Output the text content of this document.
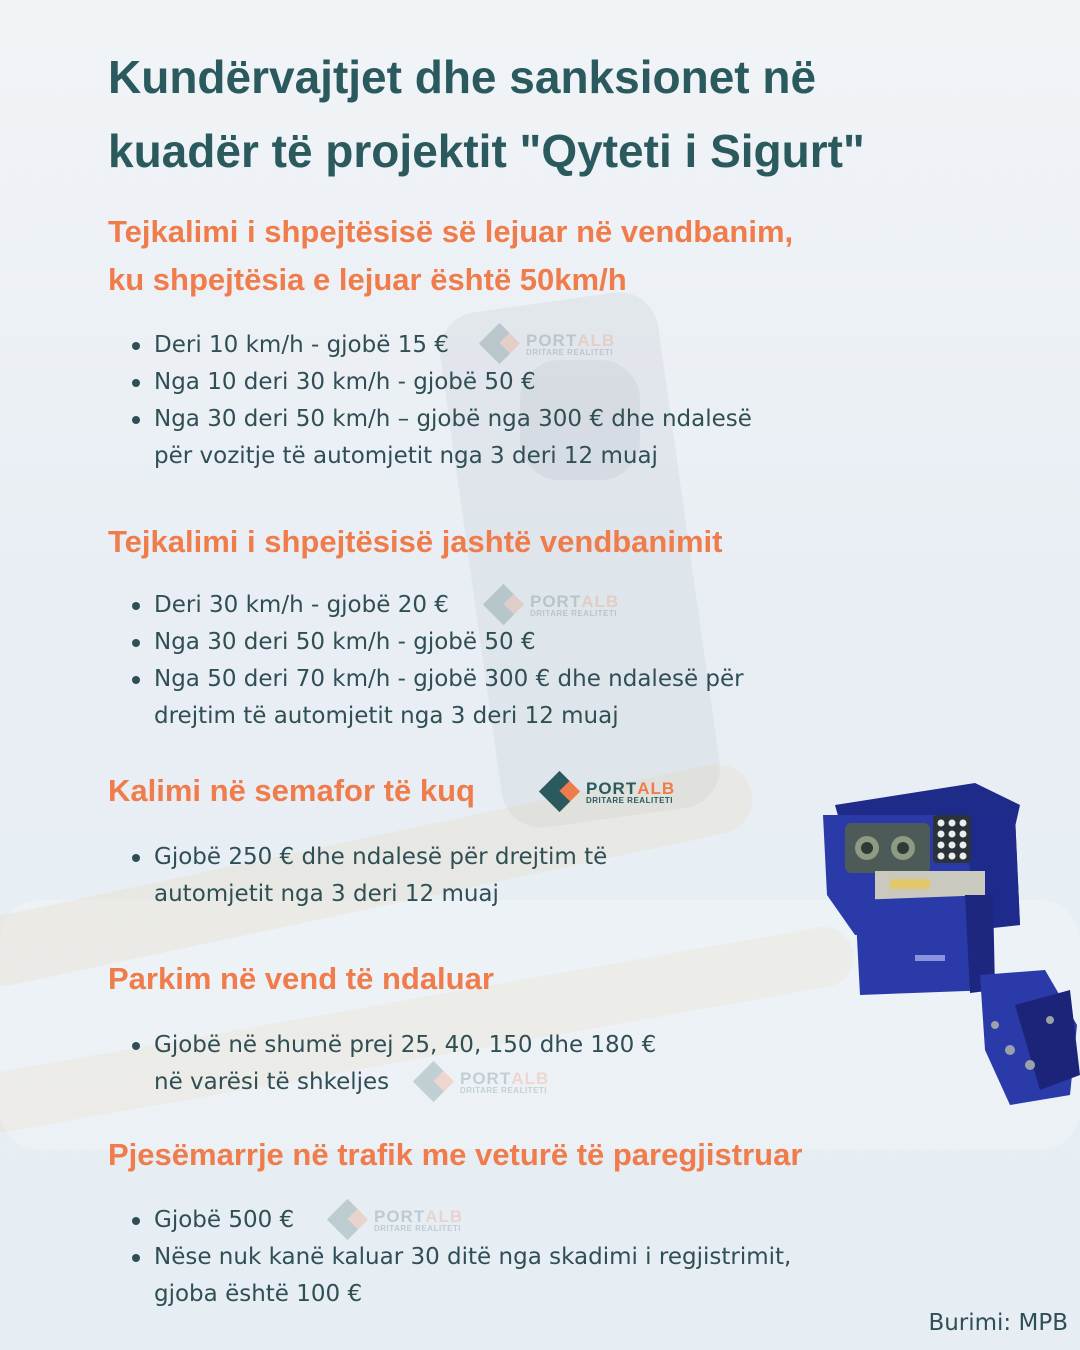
Kundërvajtjet dhe sanksionet në
kuadër të projektit "Qyteti i Sigurt"
Tejkalimi i shpejtësisë së lejuar në vendbanim,
ku shpejtësia e lejuar është 50km/h
Deri 10 km/h - gjobë 15 €
Nga 10 deri 30 km/h - gjobë 50 €
Nga 30 deri 50 km/h – gjobë nga 300 € dhe ndalesë
për vozitje të automjetit nga 3 deri 12 muaj
Tejkalimi i shpejtësisë jashtë vendbanimit
Deri 30 km/h - gjobë 20 €
Nga 30 deri 50 km/h - gjobë 50 €
Nga 50 deri 70 km/h - gjobë 300 € dhe ndalesë për
drejtim të automjetit nga 3 deri 12 muaj
Kalimi në semafor të kuq
Gjobë 250 € dhe ndalesë për drejtim të
automjetit nga 3 deri 12 muaj
Parkim në vend të ndaluar
Gjobë në shumë prej 25, 40, 150 dhe 180 €
në varësi të shkeljes
Pjesëmarrje në trafik me veturë të paregjistruar
Gjobë 500 €
Nëse nuk kanë kaluar 30 ditë nga skadimi i regjistrimit,
gjoba është 100 €
PORTALB
DRITARE REALITETI
PORTALB
DRITARE REALITETI
PORTALB
DRITARE REALITETI
PORTALB
DRITARE REALITETI
PORTALB
DRITARE REALITETI
Burimi: MPB
